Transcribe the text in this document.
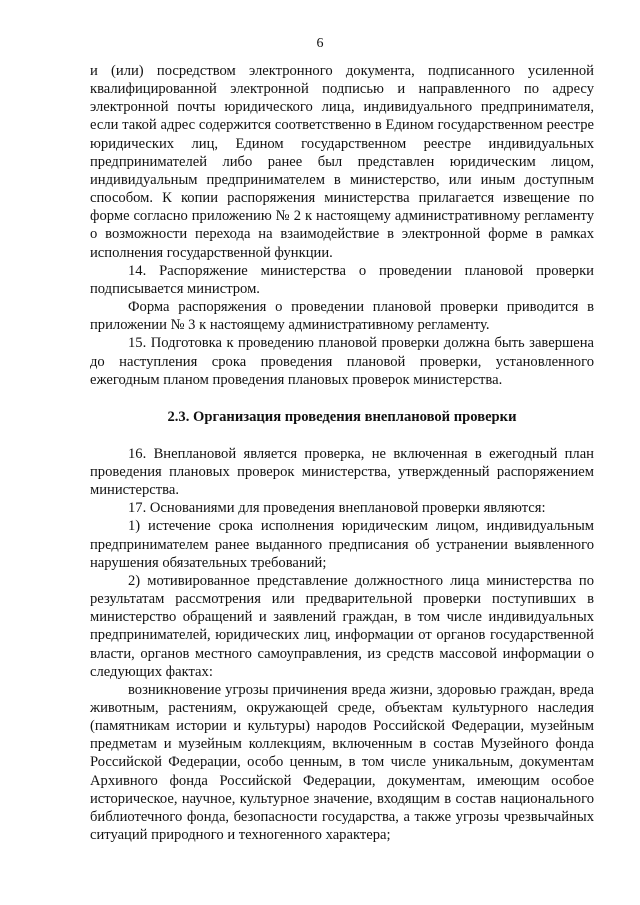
6

и (или) посредством электронного документа, подписанного усиленной квалифицированной электронной подписью и направленного по адресу электронной почты юридического лица, индивидуального предпринимателя, если такой адрес содержится соответственно в Едином государственном реестре юридических лиц, Едином государственном реестре индивидуальных предпринимателей либо ранее был представлен юридическим лицом, индивидуальным предпринимателем в министерство, или иным доступным способом. К копии распоряжения министерства прилагается извещение по форме согласно приложению № 2 к настоящему административному регламенту о возможности перехода на взаимодействие в электронной форме в рамках исполнения государственной функции.

14. Распоряжение министерства о проведении плановой проверки подписывается министром.

Форма распоряжения о проведении плановой проверки приводится в приложении № 3 к настоящему административному регламенту.

15. Подготовка к проведению плановой проверки должна быть завершена до наступления срока проведения плановой проверки, установленного ежегодным планом проведения плановых проверок министерства.

2.3. Организация проведения внеплановой проверки

16. Внеплановой является проверка, не включенная в ежегодный план проведения плановых проверок министерства, утвержденный распоряжением министерства.

17. Основаниями для проведения внеплановой проверки являются:

1) истечение срока исполнения юридическим лицом, индивидуальным предпринимателем ранее выданного предписания об устранении выявленного нарушения обязательных требований;

2) мотивированное представление должностного лица министерства по результатам рассмотрения или предварительной проверки поступивших в министерство обращений и заявлений граждан, в том числе индивидуальных предпринимателей, юридических лиц, информации от органов государственной власти, органов местного самоуправления, из средств массовой информации о следующих фактах:

возникновение угрозы причинения вреда жизни, здоровью граждан, вреда животным, растениям, окружающей среде, объектам культурного наследия (памятникам истории и культуры) народов Российской Федерации, музейным предметам и музейным коллекциям, включенным в состав Музейного фонда Российской Федерации, особо ценным, в том числе уникальным, документам Архивного фонда Российской Федерации, документам, имеющим особое историческое, научное, культурное значение, входящим в состав национального библиотечного фонда, безопасности государства, а также угрозы чрезвычайных ситуаций природного и техногенного характера;
